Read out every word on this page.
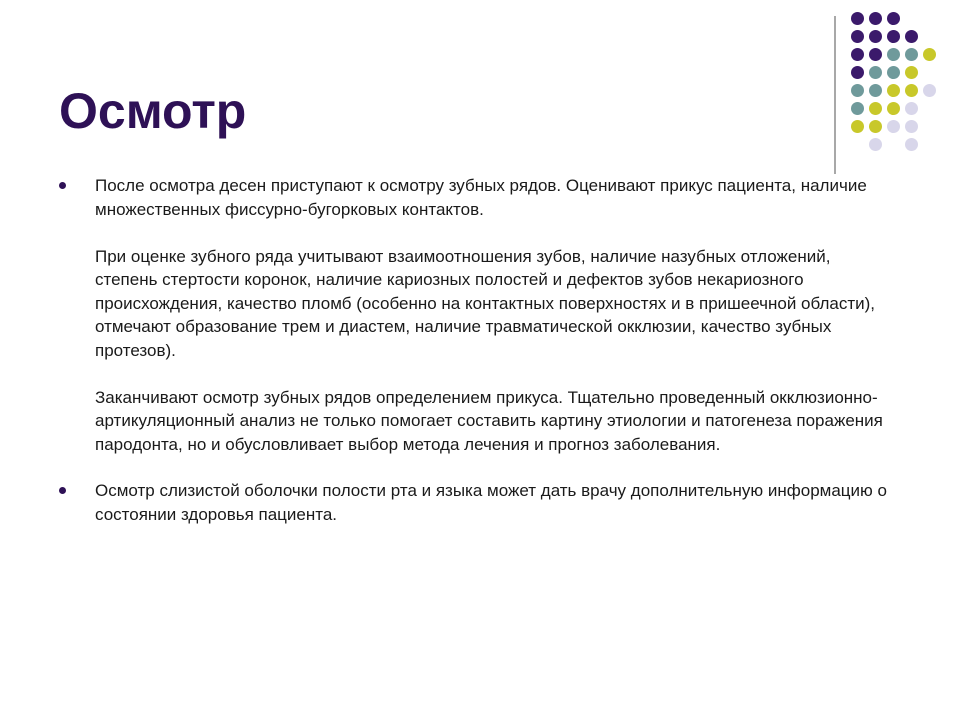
Осмотр

После осмотра десен приступают к осмотру зубных рядов. Оценивают прикус пациента, наличие множественных фиссурно-бугорковых контактов.

При оценке зубного ряда учитывают взаимоотношения зубов, наличие назубных отложений, степень стертости коронок, наличие кариозных полостей и дефектов зубов некариозного происхождения, качество пломб (особенно на контактных поверхностях и в пришеечной области), отмечают образование трем и диастем, наличие травматической окклюзии, качество зубных протезов).

Заканчивают осмотр зубных рядов определением прикуса. Тщательно проведенный окклюзионно-артикуляционный анализ не только помогает составить картину этиологии и патогенеза поражения пародонта, но и обусловливает выбор метода лечения и прогноз заболевания.

Осмотр слизистой оболочки полости рта и языка может дать врачу дополнительную информацию о состоянии здоровья пациента.
